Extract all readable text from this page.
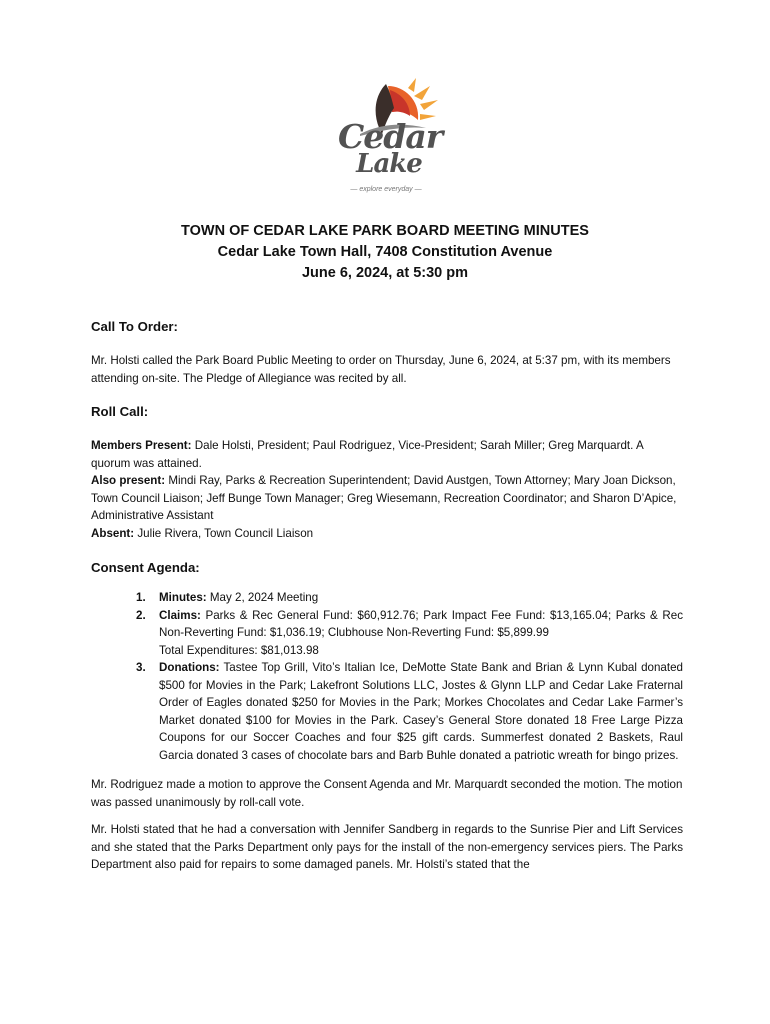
Cedar
Lake
— explore everyday —
TOWN OF CEDAR LAKE PARK BOARD MEETING MINUTES
Cedar Lake Town Hall, 7408 Constitution Avenue
June 6, 2024, at 5:30 pm
Call To Order:

Mr. Holsti called the Park Board Public Meeting to order on Thursday, June 6, 2024, at 5:37 pm, with its members attending on-site. The Pledge of Allegiance was recited by all.

Roll Call:

Members Present: Dale Holsti, President; Paul Rodriguez, Vice-President; Sarah Miller; Greg Marquardt. A quorum was attained.

Also present: Mindi Ray, Parks & Recreation Superintendent; David Austgen, Town Attorney; Mary Joan Dickson, Town Council Liaison; Jeff Bunge Town Manager; Greg Wiesemann, Recreation Coordinator; and Sharon D’Apice, Administrative Assistant

Absent: Julie Rivera, Town Council Liaison

Consent Agenda:
1. Minutes: May 2, 2024 Meeting
2. Claims: Parks & Rec General Fund: $60,912.76; Park Impact Fee Fund: $13,165.04; Parks & Rec Non-Reverting Fund: $1,036.19; Clubhouse Non-Reverting Fund: $5,899.99
Total Expenditures: $81,013.98
3. Donations: Tastee Top Grill, Vito’s Italian Ice, DeMotte State Bank and Brian & Lynn Kubal donated $500 for Movies in the Park; Lakefront Solutions LLC, Jostes & Glynn LLP and Cedar Lake Fraternal Order of Eagles donated $250 for Movies in the Park; Morkes Chocolates and Cedar Lake Farmer’s Market donated $100 for Movies in the Park. Casey’s General Store donated 18 Free Large Pizza Coupons for our Soccer Coaches and four $25 gift cards. Summerfest donated 2 Baskets, Raul Garcia donated 3 cases of chocolate bars and Barb Buhle donated a patriotic wreath for bingo prizes.

Mr. Rodriguez made a motion to approve the Consent Agenda and Mr. Marquardt seconded the motion. The motion was passed unanimously by roll-call vote.

Mr. Holsti stated that he had a conversation with Jennifer Sandberg in regards to the Sunrise Pier and Lift Services and she stated that the Parks Department only pays for the install of the non-emergency services piers. The Parks Department also paid for repairs to some damaged panels. Mr. Holsti’s stated that the
